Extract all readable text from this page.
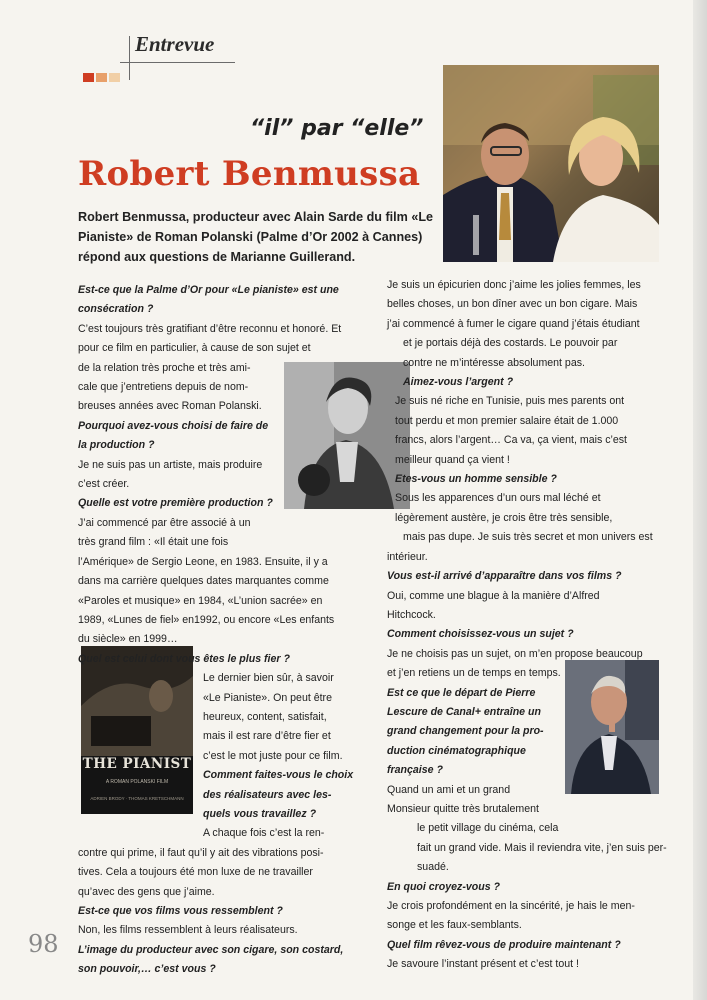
Entrevue
“il” par “elle”
Robert Benmussa
Robert Benmussa, producteur avec Alain Sarde du film «Le Pianiste» de Roman Polanski (Palme d’Or 2002 à Cannes) répond aux questions de Marianne Guillerand.
THE PIANIST
A ROMAN POLANSKI FILM
ADRIEN BRODY · THOMAS KRETSCHMANN

Est-ce que la Palme d’Or pour «Le pianiste» est une

consécration ?

C’est toujours très gratifiant d’être reconnu et honoré. Et

pour ce film en particulier, à cause de son sujet et

de la relation très proche et très ami-

cale que j’entretiens depuis de nom-

breuses années avec Roman Polanski.

Pourquoi avez-vous choisi de faire de

la production ?

Je ne suis pas un artiste, mais produire

c’est créer.

Quelle est votre première production ?

J’ai commencé par être associé à un

très grand film : «Il était une fois

l’Amérique» de Sergio Leone, en 1983. Ensuite, il y a

dans ma carrière quelques dates marquantes comme

«Paroles et musique» en 1984, «L’union sacrée» en

1989, «Lunes de fiel» en1992, ou encore «Les enfants

du siècle» en 1999…

Quel est celui dont vous êtes le plus fier ?

Le dernier bien sûr, à savoir

«Le Pianiste». On peut être

heureux, content, satisfait,

mais il est rare d’être fier et

c’est le mot juste pour ce film.

Comment faites-vous le choix

des réalisateurs avec les-

quels vous travaillez ?

A chaque fois c’est la ren-

contre qui prime, il faut qu’il y ait des vibrations posi-

tives. Cela a toujours été mon luxe de ne travailler

qu’avec des gens que j’aime.

Est-ce que vos films vous ressemblent ?

Non, les films ressemblent à leurs réalisateurs.

L’image du producteur avec son cigare, son costard,

son pouvoir,… c’est vous ?

Je suis un épicurien donc j’aime les jolies femmes, les

belles choses, un bon dîner avec un bon cigare. Mais

j’ai commencé à fumer le cigare quand j’étais étudiant

et je portais déjà des costards. Le pouvoir par

contre ne m’intéresse absolument pas.

Aimez-vous l’argent ?

Je suis né riche en Tunisie, puis mes parents ont

tout perdu et mon premier salaire était de 1.000

francs, alors l’argent… Ca va, ça vient, mais c’est

meilleur quand ça vient !

Etes-vous un homme sensible ?

Sous les apparences d’un ours mal léché et

légèrement austère, je crois être très sensible,

mais pas dupe. Je suis très secret et mon univers est

intérieur.

Vous est-il arrivé d’apparaître dans vos films ?

Oui, comme une blague à la manière d’Alfred

Hitchcock.

Comment choisissez-vous un sujet ?

Je ne choisis pas un sujet, on m’en propose beaucoup

et j’en retiens un de temps en temps.

Est ce que le départ de Pierre

Lescure de Canal+ entraîne un

grand changement pour la pro-

duction cinématographique

française ?

Quand un ami et un grand

Monsieur quitte très brutalement

le petit village du cinéma, cela

fait un grand vide. Mais il reviendra vite, j’en suis per-

suadé.

En quoi croyez-vous ?

Je crois profondément en la sincérité, je hais le men-

songe et les faux-semblants.

Quel film rêvez-vous de produire maintenant ?

Je savoure l’instant présent et c’est tout !

98
